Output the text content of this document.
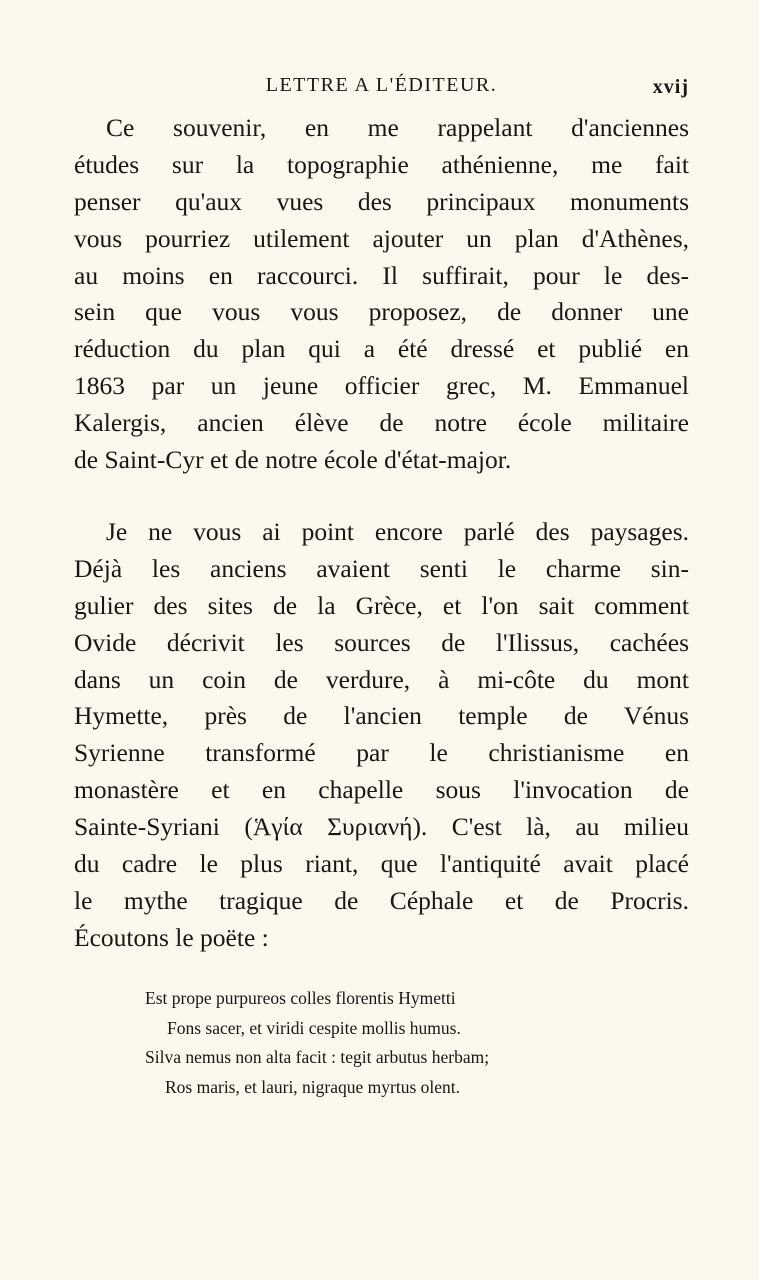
LETTRE A L'ÉDITEUR.	xvij

Ce souvenir, en me rappelant d'anciennes
études sur la topographie athénienne, me fait
penser qu'aux vues des principaux monuments
vous pourriez utilement ajouter un plan d'Athènes,
au moins en raccourci. Il suffirait, pour le des-
sein que vous vous proposez, de donner une
réduction du plan qui a été dressé et publié en
1863 par un jeune officier grec, M. Emmanuel
Kalergis, ancien élève de notre école militaire
de Saint-Cyr et de notre école d'état-major.

Je ne vous ai point encore parlé des paysages.
Déjà les anciens avaient senti le charme sin-
gulier des sites de la Grèce, et l'on sait comment
Ovide décrivit les sources de l'Ilissus, cachées
dans un coin de verdure, à mi-côte du mont
Hymette, près de l'ancien temple de Vénus
Syrienne transformé par le christianisme en
monastère et en chapelle sous l'invocation de
Sainte-Syriani (Ἁγία Συριανή). C'est là, au milieu
du cadre le plus riant, que l'antiquité avait placé
le mythe tragique de Céphale et de Procris.
Écoutons le poëte :

Est prope purpureos colles florentis Hymetti
Fons sacer, et viridi cespite mollis humus.
Silva nemus non alta facit : tegit arbutus herbam;
Ros maris, et lauri, nigraque myrtus olent.
